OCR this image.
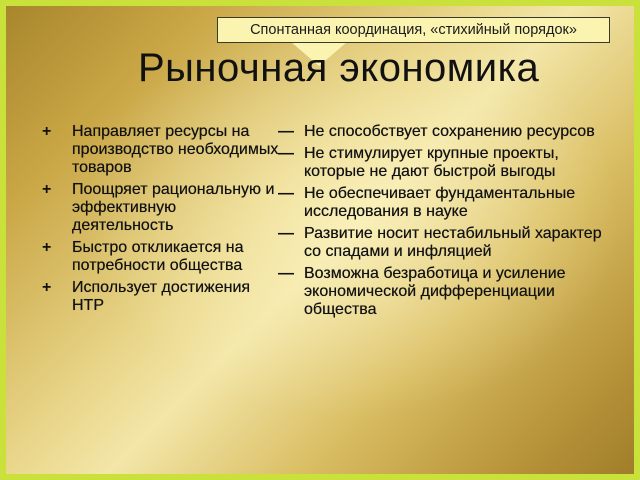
Спонтанная координация, «стихийный порядок»
Рыночная экономика
+	Направляет ресурсы на производство необходимых товаров
+	Поощряет рациональную и эффективную деятельность
+	Быстро откликается на потребности общества
+	Использует достижения НТР
— Не способствует сохранению ресурсов
— Не стимулирует крупные проекты, которые не дают быстрой выгоды
— Не обеспечивает фундаментальные исследования в науке
— Развитие носит нестабильный характер со спадами и инфляцией
— Возможна безработица и усиление экономической дифференциации общества
